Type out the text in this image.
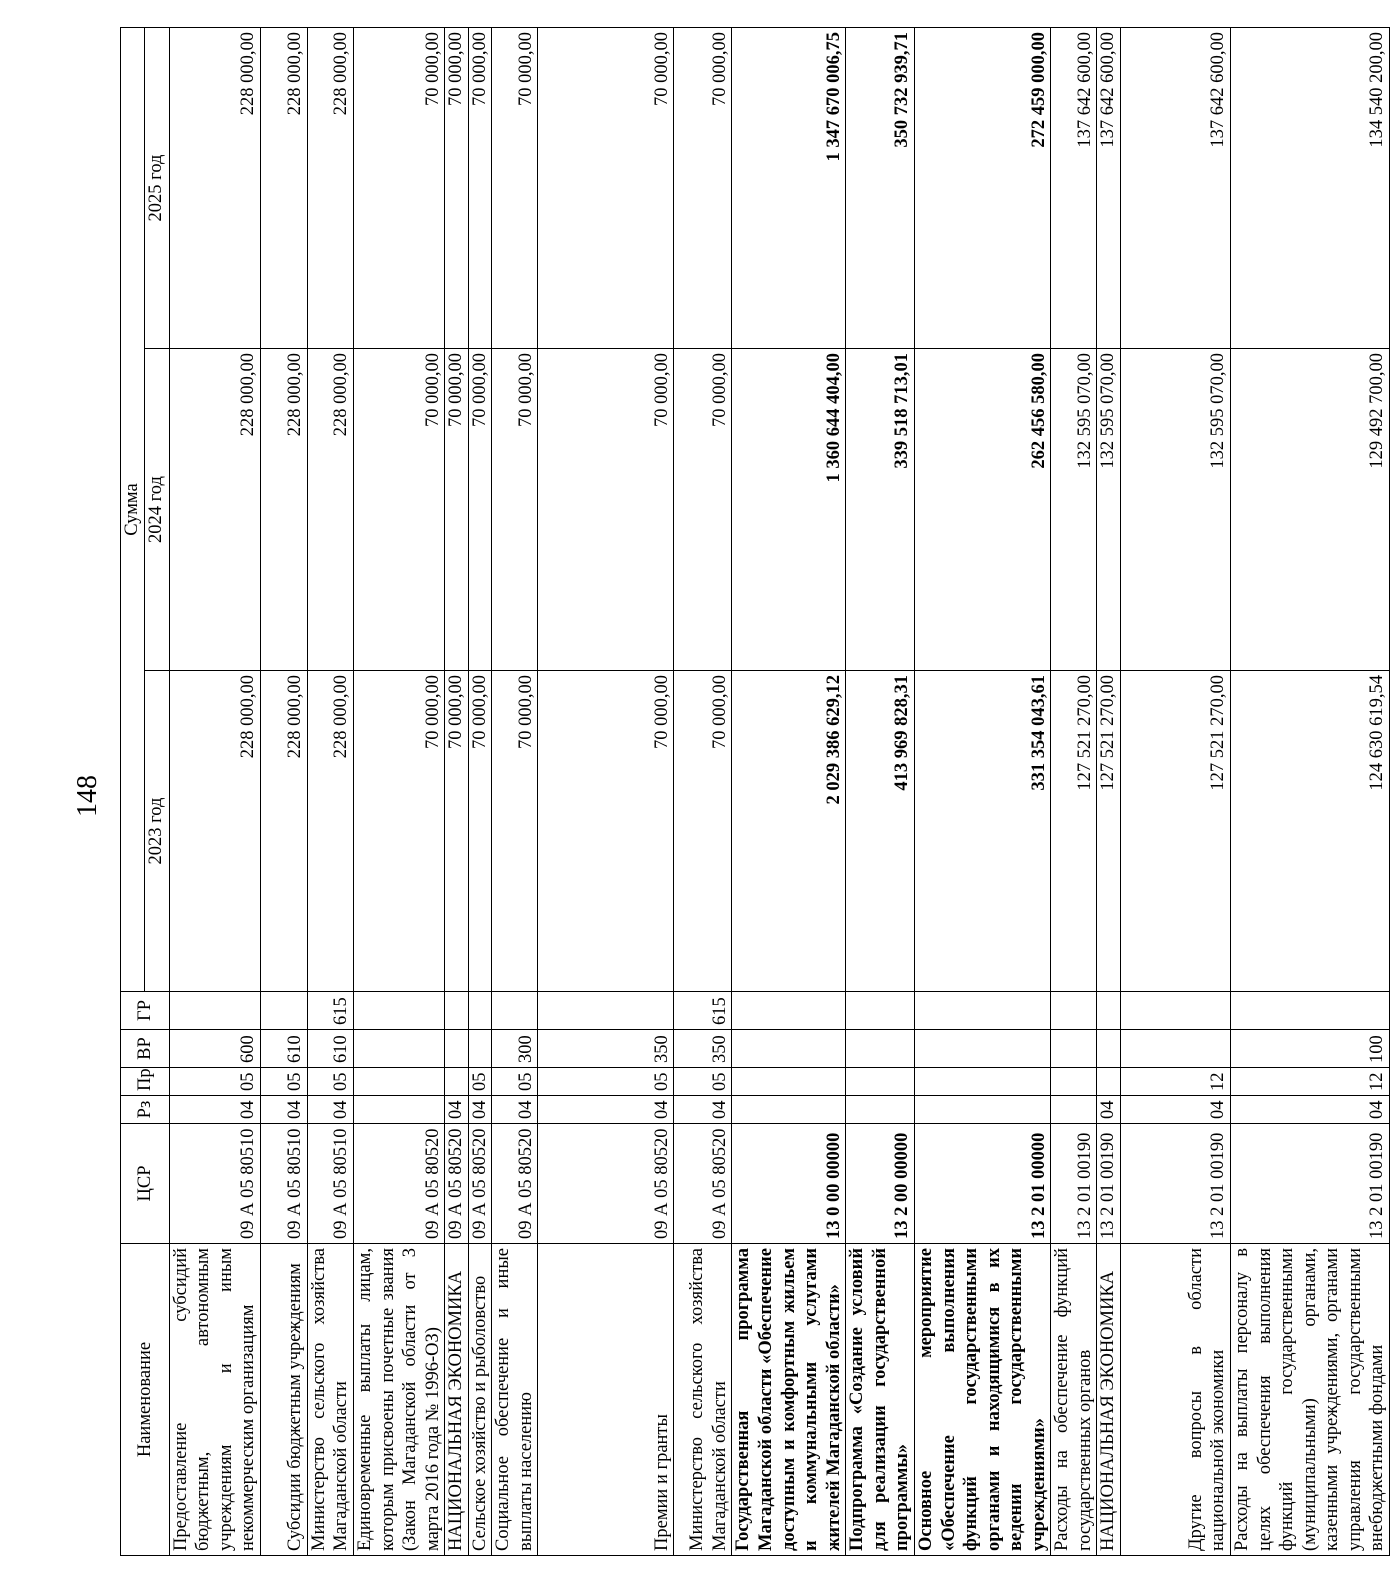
148
Наименование	ЦСР	Рз	Пр	ВР	ГР	Сумма		
						2023 год	2024 год	2025 год
Предоставление субсидий бюджетным, автономным учреждениям и иным некоммерческим организациям	09 А 05 80510	04	05	600		228 000,00	228 000,00	228 000,00
Субсидии бюджетным учреждениям	09 А 05 80510	04	05	610		228 000,00	228 000,00	228 000,00
Министерство сельского хозяйства Магаданской области	09 А 05 80510	04	05	610	615	228 000,00	228 000,00	228 000,00
Единовременные выплаты лицам, которым присвоены почетные звания (Закон Магаданской области от 3 марта 2016 года № 1996-ОЗ)	09 А 05 80520					70 000,00	70 000,00	70 000,00
НАЦИОНАЛЬНАЯ ЭКОНОМИКА	09 А 05 80520	04				70 000,00	70 000,00	70 000,00
Сельское хозяйство и рыболовство	09 А 05 80520	04	05			70 000,00	70 000,00	70 000,00
Социальное обеспечение и иные выплаты населению	09 А 05 80520	04	05	300		70 000,00	70 000,00	70 000,00
Премии и гранты	09 А 05 80520	04	05	350		70 000,00	70 000,00	70 000,00
Министерство сельского хозяйства Магаданской области	09 А 05 80520	04	05	350	615	70 000,00	70 000,00	70 000,00
Государственная программа Магаданской области «Обеспечение доступным и комфортным жильем и коммунальными услугами жителей Магаданской области»	13 0 00 00000					2 029 386 629,12	1 360 644 404,00	1 347 670 006,75
Подпрограмма «Создание условий для реализации государственной программы»	13 2 00 00000					413 969 828,31	339 518 713,01	350 732 939,71
Основное мероприятие «Обеспечение выполнения функций государственными органами и находящимися в их ведении государственными учреждениями»	13 2 01 00000					331 354 043,61	262 456 580,00	272 459 000,00
Расходы на обеспечение функций государственных органов	13 2 01 00190					127 521 270,00	132 595 070,00	137 642 600,00
НАЦИОНАЛЬНАЯ ЭКОНОМИКА	13 2 01 00190	04				127 521 270,00	132 595 070,00	137 642 600,00
Другие вопросы в области национальной экономики	13 2 01 00190	04	12			127 521 270,00	132 595 070,00	137 642 600,00
Расходы на выплаты персоналу в целях обеспечения выполнения функций государственными (муниципальными) органами, казенными учреждениями, органами управления государственными внебюджетными фондами	13 2 01 00190	04	12	100		124 630 619,54	129 492 700,00	134 540 200,00
